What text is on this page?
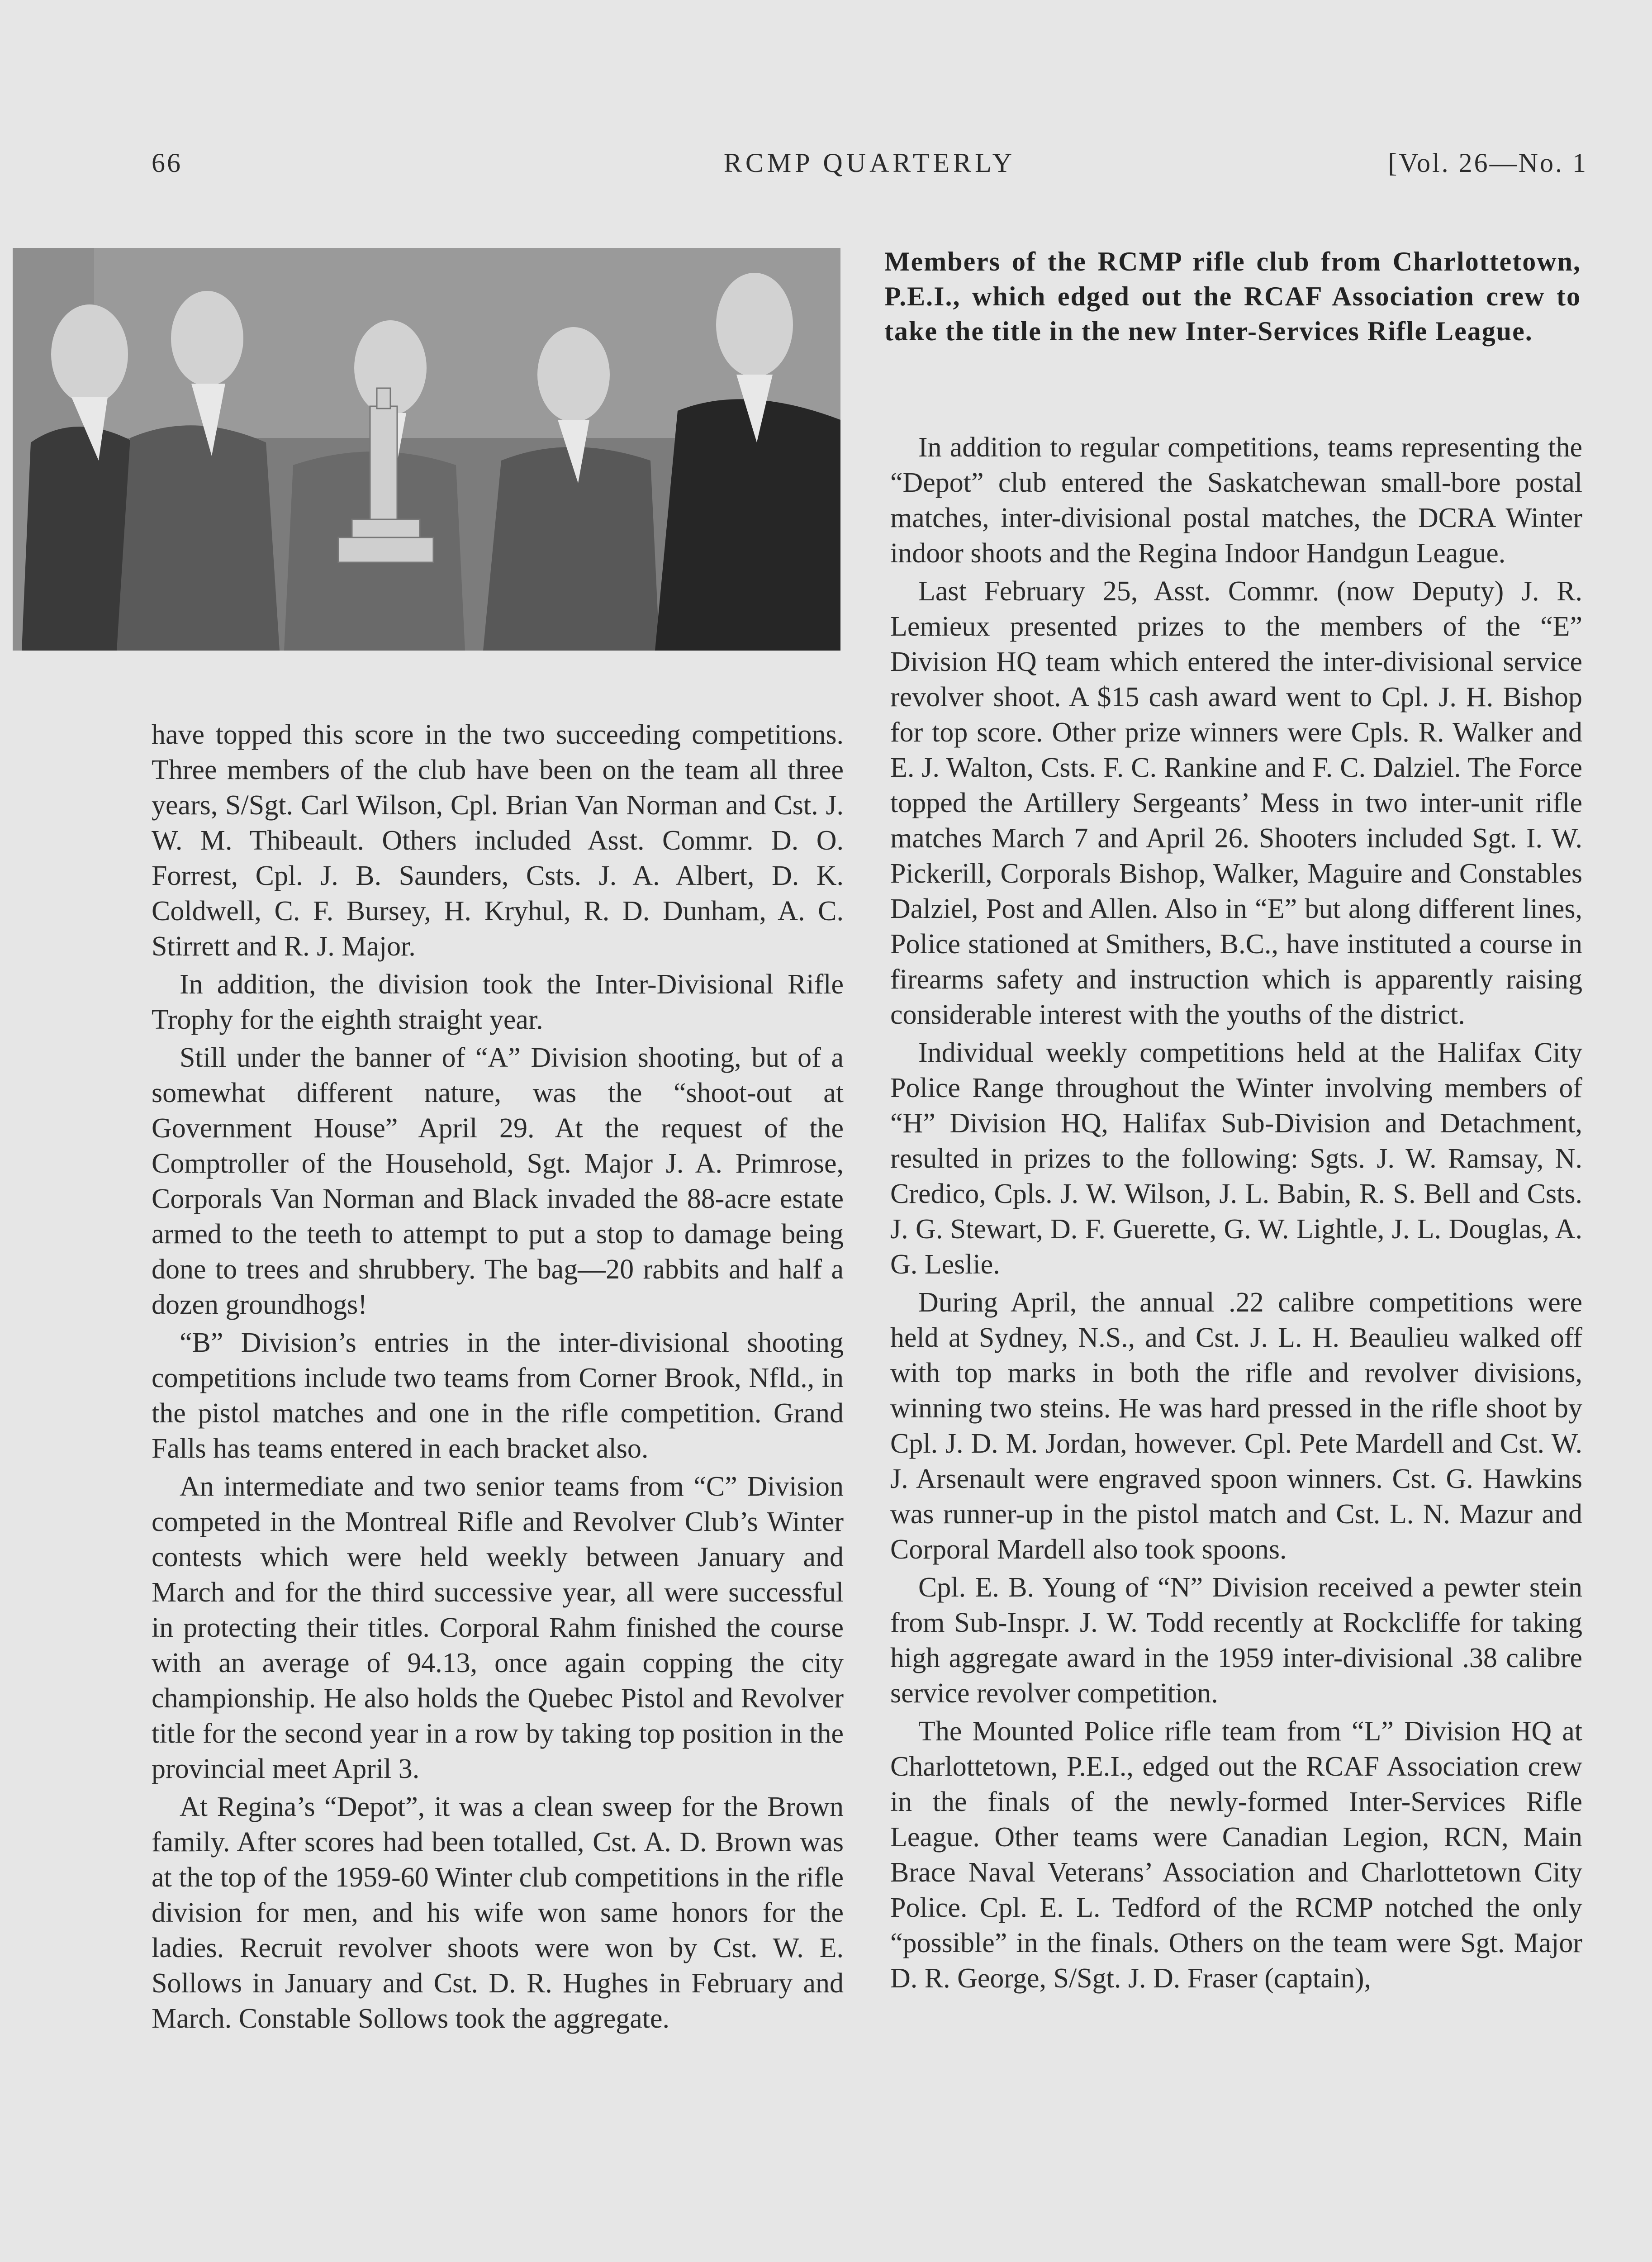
66	RCMP QUARTERLY	[Vol. 26—No. 1
Members of the RCMP rifle club from Charlottetown, P.E.I., which edged out the RCAF Association crew to take the title in the new Inter-Services Rifle League.

have topped this score in the two succeeding competitions. Three members of the club have been on the team all three years, S/Sgt. Carl Wilson, Cpl. Brian Van Norman and Cst. J. W. M. Thibeault. Others included Asst. Commr. D. O. Forrest, Cpl. J. B. Saunders, Csts. J. A. Albert, D. K. Coldwell, C. F. Bursey, H. Kryhul, R. D. Dunham, A. C. Stirrett and R. J. Major.

In addition, the division took the Inter-Divisional Rifle Trophy for the eighth straight year.

Still under the banner of “A” Division shooting, but of a somewhat different nature, was the “shoot-out at Government House” April 29. At the request of the Comptroller of the Household, Sgt. Major J. A. Primrose, Corporals Van Norman and Black invaded the 88-acre estate armed to the teeth to attempt to put a stop to damage being done to trees and shrubbery. The bag—20 rabbits and half a dozen groundhogs!

“B” Division’s entries in the inter-divisional shooting competitions include two teams from Corner Brook, Nfld., in the pistol matches and one in the rifle competition. Grand Falls has teams entered in each bracket also.

An intermediate and two senior teams from “C” Division competed in the Montreal Rifle and Revolver Club’s Winter contests which were held weekly between January and March and for the third successive year, all were successful in protecting their titles. Corporal Rahm finished the course with an average of 94.13, once again copping the city championship. He also holds the Quebec Pistol and Revolver title for the second year in a row by taking top position in the provincial meet April 3.

At Regina’s “Depot”, it was a clean sweep for the Brown family. After scores had been totalled, Cst. A. D. Brown was at the top of the 1959-60 Winter club competitions in the rifle division for men, and his wife won same honors for the ladies. Recruit revolver shoots were won by Cst. W. E. Sollows in January and Cst. D. R. Hughes in February and March. Constable Sollows took the aggregate.

In addition to regular competitions, teams representing the “Depot” club entered the Saskatchewan small-bore postal matches, inter-divisional postal matches, the DCRA Winter indoor shoots and the Regina Indoor Handgun League.

Last February 25, Asst. Commr. (now Deputy) J. R. Lemieux presented prizes to the members of the “E” Division HQ team which entered the inter-divisional service revolver shoot. A $15 cash award went to Cpl. J. H. Bishop for top score. Other prize winners were Cpls. R. Walker and E. J. Walton, Csts. F. C. Rankine and F. C. Dalziel. The Force topped the Artillery Sergeants’ Mess in two inter-unit rifle matches March 7 and April 26. Shooters included Sgt. I. W. Pickerill, Corporals Bishop, Walker, Maguire and Constables Dalziel, Post and Allen. Also in “E” but along different lines, Police stationed at Smithers, B.C., have instituted a course in firearms safety and instruction which is apparently raising considerable interest with the youths of the district.

Individual weekly competitions held at the Halifax City Police Range throughout the Winter involving members of “H” Division HQ, Halifax Sub-Division and Detachment, resulted in prizes to the following: Sgts. J. W. Ramsay, N. Credico, Cpls. J. W. Wilson, J. L. Babin, R. S. Bell and Csts. J. G. Stewart, D. F. Guerette, G. W. Lightle, J. L. Douglas, A. G. Leslie.

During April, the annual .22 calibre competitions were held at Sydney, N.S., and Cst. J. L. H. Beaulieu walked off with top marks in both the rifle and revolver divisions, winning two steins. He was hard pressed in the rifle shoot by Cpl. J. D. M. Jordan, however. Cpl. Pete Mardell and Cst. W. J. Arsenault were engraved spoon winners. Cst. G. Hawkins was runner-up in the pistol match and Cst. L. N. Mazur and Corporal Mardell also took spoons.

Cpl. E. B. Young of “N” Division received a pewter stein from Sub-Inspr. J. W. Todd recently at Rockcliffe for taking high aggregate award in the 1959 inter-divisional .38 calibre service revolver competition.

The Mounted Police rifle team from “L” Division HQ at Charlottetown, P.E.I., edged out the RCAF Association crew in the finals of the newly-formed Inter-Services Rifle League. Other teams were Canadian Legion, RCN, Main Brace Naval Veterans’ Association and Charlottetown City Police. Cpl. E. L. Tedford of the RCMP notched the only “possible” in the finals. Others on the team were Sgt. Major D. R. George, S/Sgt. J. D. Fraser (captain),
